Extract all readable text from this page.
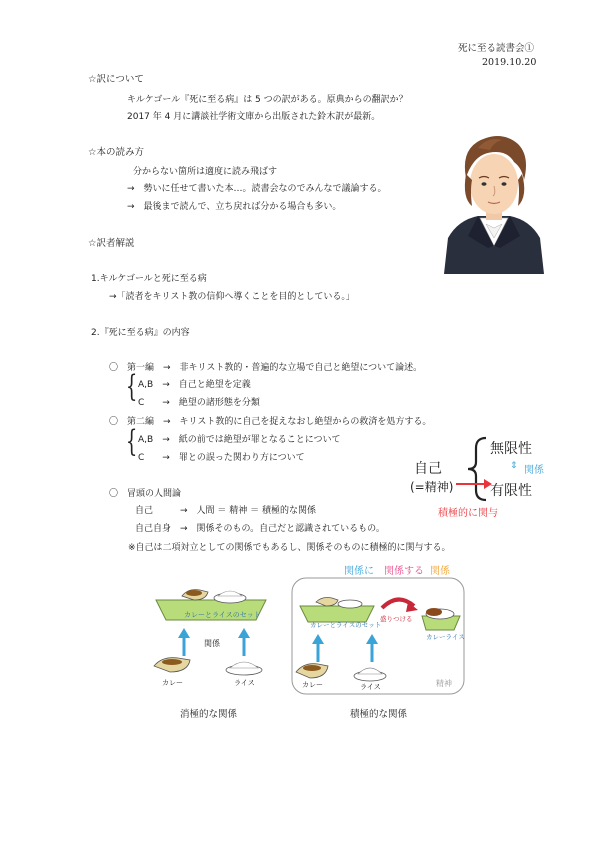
死に至る読書会①
2019.10.20
☆訳について
キルケゴール『死に至る病』は 5 つの訳がある。原典からの翻訳か？
2017 年 4 月に講談社学術文庫から出版された鈴木訳が最新。
☆本の読み方
分からない箇所は適度に読み飛ばす
→　勢いに任せて書いた本…。読書会なのでみんなで議論する。
→　最後まで読んで、立ち戻れば分かる場合も多い。
☆訳者解説
1.キルケゴールと死に至る病
→「読者をキリスト教の信仰へ導くことを目的としている。」
2.『死に至る病』の内容
〇　第一編　→　非キリスト教的・普遍的な立場で自己と絶望について論述。
{ A,B　→　自己と絶望を定義
C　　→　絶望の諸形態を分類
〇　第二編　→　キリスト教的に自己を捉えなおし絶望からの救済を処方する。
{ A,B　→　紙の前では絶望が罪となることについて
C　　→　罪との誤った関わり方について
〇　冒頭の人間論
自己　　　→　人間 ＝ 精神 ＝ 積極的な関係
自己自身　→　関係そのもの。自己だと認識されているもの。
※自己は二項対立としての関係でもあるし、関係そのものに積極的に関与する。
自己
(=精神)
無限性
有限性
⇕ 関係
積極的に関与
カレーとライスのセット
関係
カレー	ライス
消極的な関係
関係に 関係する 関係
カレーとライスのセット
盛りつける
カレーライス
カレー	ライス	精神
積極的な関係
